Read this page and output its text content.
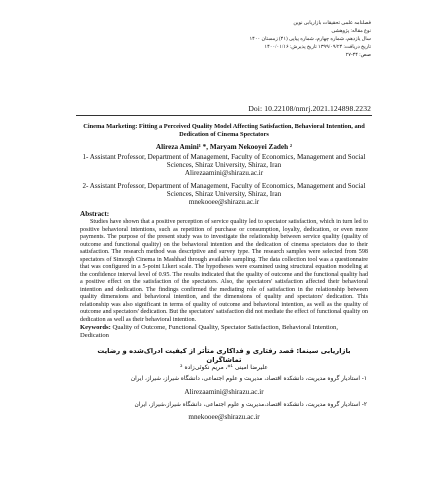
فصلنامه علمی تحقیقات بازاریابی نوین
نوع مقاله: پژوهشی
سال یازدهم، شماره چهارم، شماره پیاپی (۴۱) زمستان ۱۴۰۰
تاریخ دریافت: ۱۳۹۹/۰۹/۲۴ تاریخ پذیرش: ۱۴۰۰/۰۱/۱۶
صص: ۴۴-۲۷
Doi: 10.22108/nmrj.2021.124898.2232
Cinema Marketing: Fitting a Perceived Quality Model Affecting Satisfaction, Behavioral Intention, and Dedication of Cinema Spectators
Alireza Amini¹ *, Maryam Nekooyei Zadeh ²
1- Assistant Professor, Department of Management, Faculty of Economics, Management and Social Sciences, Shiraz University, Shiraz, Iran
Alirezaamini@shirazu.ac.ir
2- Assistant Professor, Department of Management, Faculty of Economics, Management and Social Sciences, Shiraz University, Shiraz, Iran
mnekooee@shirazu.ac.ir
Abstract:
Studies have shown that a positive perception of service quality led to spectator satisfaction, which in turn led to positive behavioral intentions, such as repetition of purchase or consumption, loyalty, dedication, or even more payments. The purpose of the present study was to investigate the relationship between service quality (quality of outcome and functional quality) on the behavioral intention and the dedication of cinema spectators due to their satisfaction. The research method was descriptive and survey type. The research samples were selected from 598 spectators of Simorgh Cinema in Mashhad through available sampling. The data collection tool was a questionnaire that was configured in a 5-point Likert scale. The hypotheses were examined using structural equation modeling at the confidence interval level of 0.95. The results indicated that the quality of outcome and the functional quality had a positive effect on the satisfaction of the spectators. Also, the spectators' satisfaction affected their behavioral intention and dedication. The findings confirmed the mediating role of satisfaction in the relationship between quality dimensions and behavioral intention, and the dimensions of quality and spectators' dedication. This relationship was also significant in terms of quality of outcome and behavioral intention, as well as the quality of outcome and spectators' dedication. But the spectators' satisfaction did not mediate the effect of functional quality on dedication as well as their behavioral intention.
Keywords: Quality of Outcome, Functional Quality, Spectator Satisfaction, Behavioral Intention, Dedication
بازاریابی سینما: قصد رفتاری و فداکاری متأثر از کیفیت ادراک‌شده و رضایت تماشاگران
علیرضا امینی ¹*، مریم نکوئی‌زاده ²
۱- استادیار گروه مدیریت، دانشکده اقتصاد، مدیریت و علوم اجتماعی، دانشگاه شیراز، شیراز، ایران
Alirezaamini@shirazu.ac.ir
۲- استادیار گروه مدیریت، دانشکده اقتصاد،مدیریت و علوم اجتماعی، دانشگاه شیراز،شیراز، ایران
mnekooee@shirazu.ac.ir
